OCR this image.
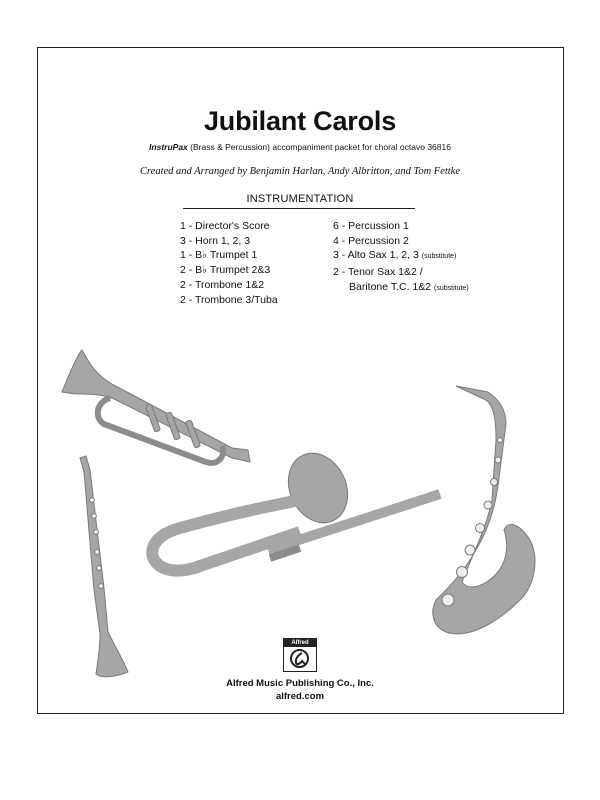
Jubilant Carols
InstruPax (Brass & Percussion) accompaniment packet for choral octavo 36816
Created and Arranged by Benjamin Harlan, Andy Albritton, and Tom Fettke
INSTRUMENTATION
1 - Director's Score
3 - Horn 1, 2, 3
1 - B♭ Trumpet 1
2 - B♭ Trumpet 2&3
2 - Trombone 1&2
2 - Trombone 3/Tuba
6 - Percussion 1
4 - Percussion 2
3 - Alto Sax 1, 2, 3 (substitute)
2 - Tenor Sax 1&2 /
Baritone T.C. 1&2 (substitute)
Alfred
Alfred Music Publishing Co., Inc.
alfred.com
